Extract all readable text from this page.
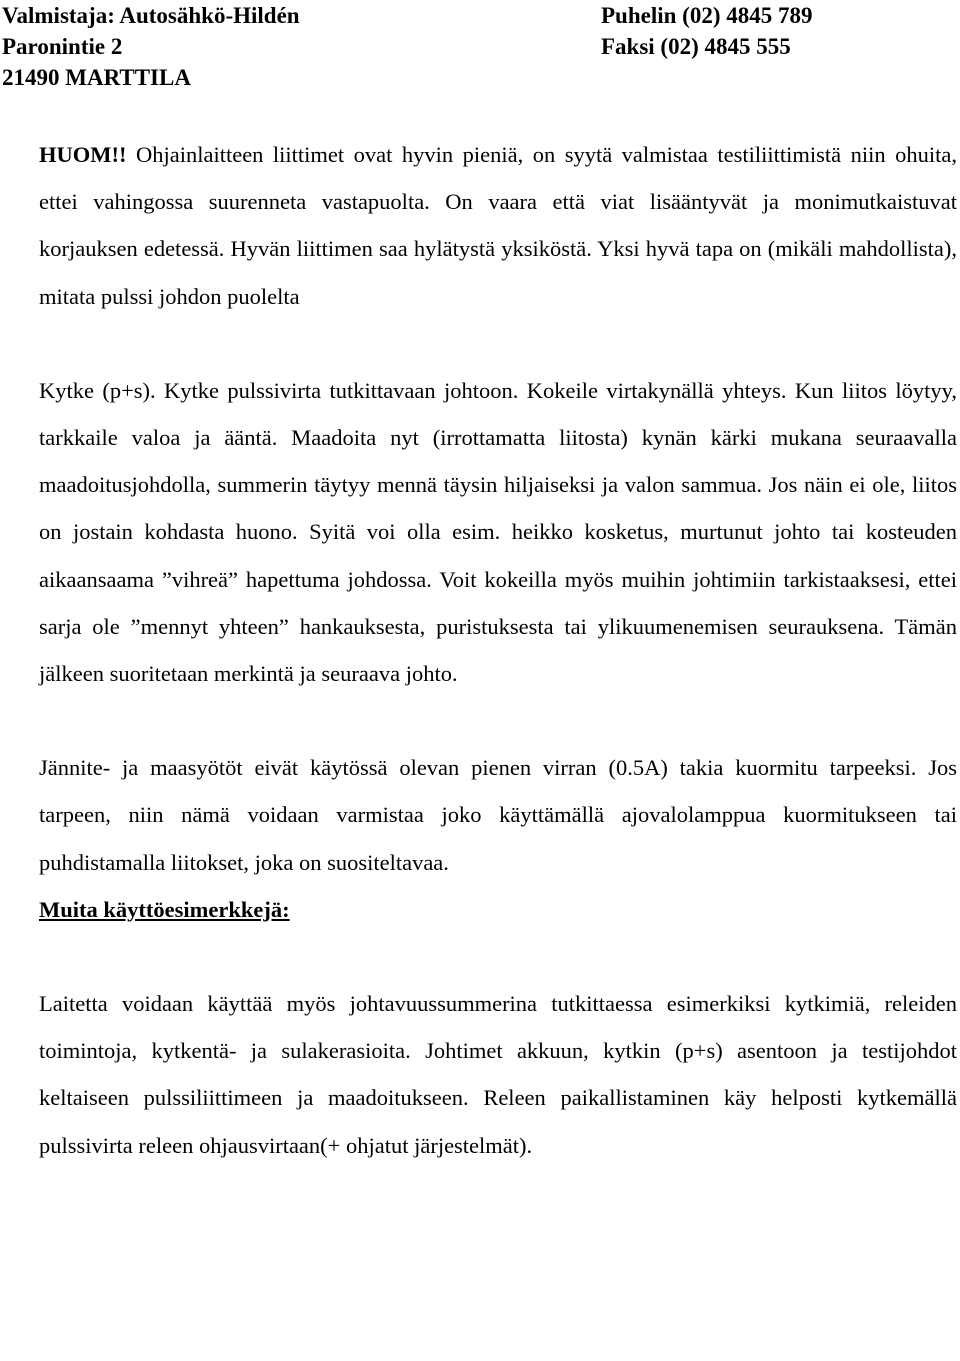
Valmistaja: Autosähkö-Hildén	Puhelin (02) 4845 789
Paronintie 2	Faksi (02) 4845 555
21490 MARTTILA

HUOM!! Ohjainlaitteen liittimet ovat hyvin pieniä, on syytä valmistaa testiliittimistä niin ohuita, ettei vahingossa suurenneta vastapuolta. On vaara että viat lisääntyvät ja monimutkaistuvat korjauksen edetessä. Hyvän liittimen saa hylätystä yksiköstä. Yksi hyvä tapa on (mikäli mahdollista), mitata pulssi johdon puolelta

Kytke (p+s). Kytke pulssivirta tutkittavaan johtoon. Kokeile virtakynällä yhteys. Kun liitos löytyy, tarkkaile valoa ja ääntä. Maadoita nyt (irrottamatta liitosta) kynän kärki mukana seuraavalla maadoitusjohdolla, summerin täytyy mennä täysin hiljaiseksi ja valon sammua. Jos näin ei ole, liitos on jostain kohdasta huono. Syitä voi olla esim. heikko kosketus, murtunut johto tai kosteuden aikaansaama ”vihreä” hapettuma johdossa. Voit kokeilla myös muihin johtimiin tarkistaaksesi, ettei sarja ole ”mennyt yhteen” hankauksesta, puristuksesta tai ylikuumenemisen seurauksena. Tämän jälkeen suoritetaan merkintä ja seuraava johto.

Jännite- ja maasyötöt eivät käytössä olevan pienen virran (0.5A) takia kuormitu tarpeeksi. Jos tarpeen, niin nämä voidaan varmistaa joko käyttämällä ajovalolamppua kuormitukseen tai puhdistamalla liitokset, joka on suositeltavaa.

Muita käyttöesimerkkejä:

Laitetta voidaan käyttää myös johtavuussummerina tutkittaessa esimerkiksi kytkimiä, releiden toimintoja, kytkentä- ja sulakerasioita. Johtimet akkuun, kytkin (p+s) asentoon ja testijohdot keltaiseen pulssiliittimeen ja maadoitukseen. Releen paikallistaminen käy helposti kytkemällä pulssivirta releen ohjausvirtaan(+ ohjatut järjestelmät).
